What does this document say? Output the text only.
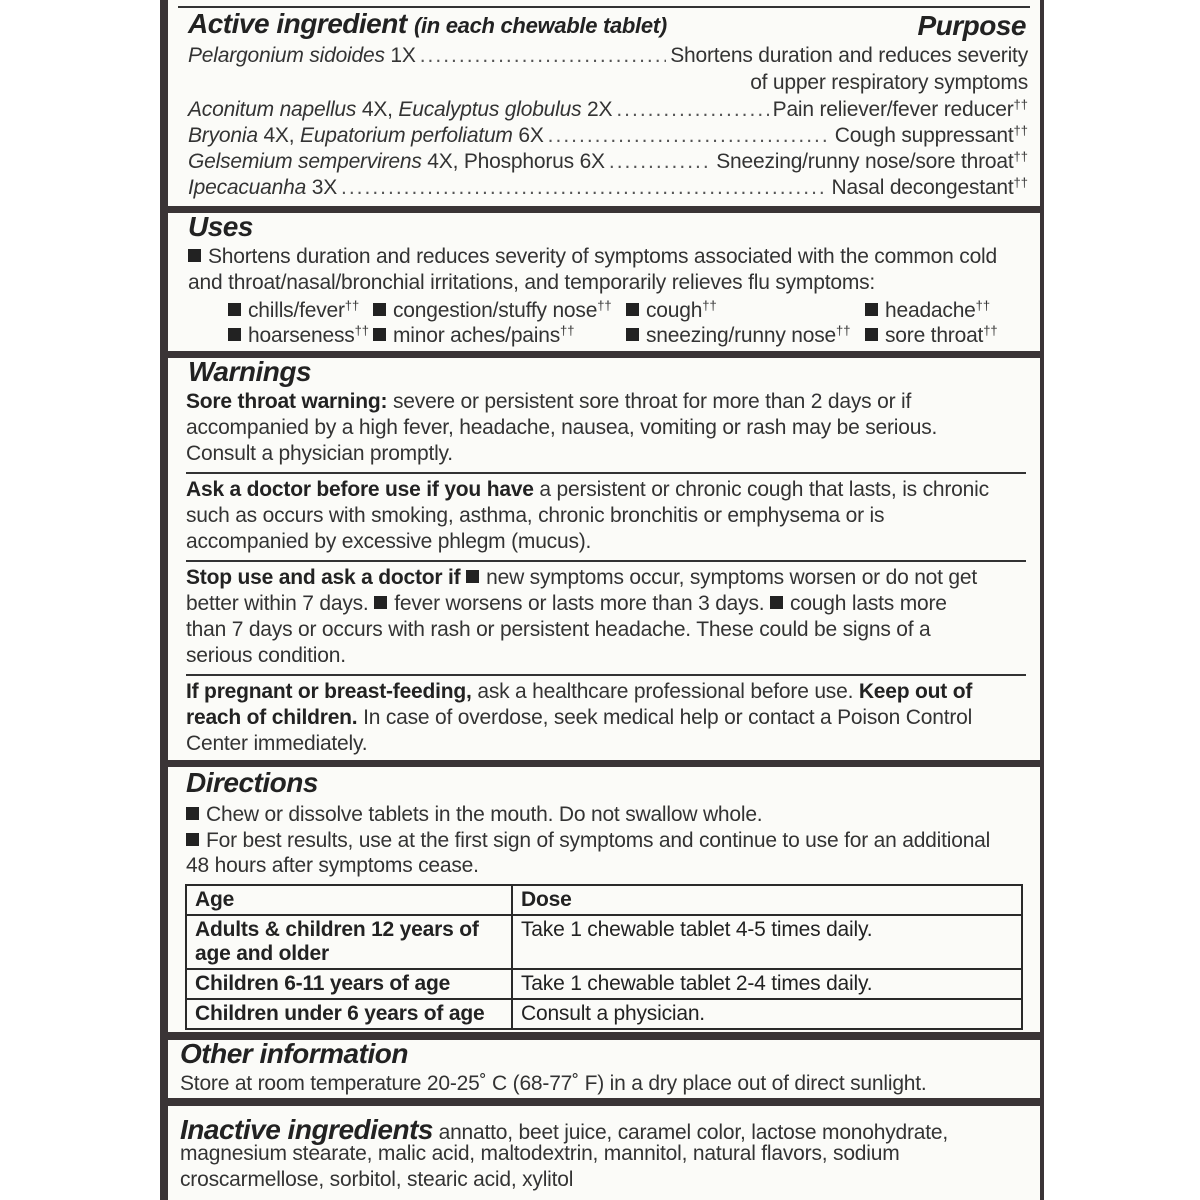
Active ingredient (in each chewable tablet)	Purpose
Pelargonium sidoides 1X .....	Shortens duration and reduces severity
of upper respiratory symptoms
Aconitum napellus 4X, Eucalyptus globulus 2X .....	Pain reliever/fever reducer††
Bryonia 4X, Eupatorium perfoliatum 6X .....	Cough suppressant††
Gelsemium sempervirens 4X, Phosphorus 6X .....	Sneezing/runny nose/sore throat††
Ipecacuanha 3X .....	Nasal decongestant††
Uses
Shortens duration and reduces severity of symptoms associated with the common cold
and throat/nasal/bronchial irritations, and temporarily relieves flu symptoms:
chills/fever††	congestion/stuffy nose††	cough††	headache††
hoarseness††	minor aches/pains††	sneezing/runny nose††	sore throat††
Warnings
Sore throat warning: severe or persistent sore throat for more than 2 days or if
accompanied by a high fever, headache, nausea, vomiting or rash may be serious.
Consult a physician promptly.
Ask a doctor before use if you have a persistent or chronic cough that lasts, is chronic
such as occurs with smoking, asthma, chronic bronchitis or emphysema or is
accompanied by excessive phlegm (mucus).
Stop use and ask a doctor if new symptoms occur, symptoms worsen or do not get
better within 7 days. fever worsens or lasts more than 3 days. cough lasts more
than 7 days or occurs with rash or persistent headache. These could be signs of a
serious condition.
If pregnant or breast-feeding, ask a healthcare professional before use. Keep out of
reach of children. In case of overdose, seek medical help or contact a Poison Control
Center immediately.
Directions
Chew or dissolve tablets in the mouth. Do not swallow whole.
For best results, use at the first sign of symptoms and continue to use for an additional
48 hours after symptoms cease.
Age	Dose
Adults & children 12 years of age and older	Take 1 chewable tablet 4-5 times daily.
Children 6-11 years of age	Take 1 chewable tablet 2-4 times daily.
Children under 6 years of age	Consult a physician.
Other information
Store at room temperature 20-25˚ C (68-77˚ F) in a dry place out of direct sunlight.
Inactive ingredients annatto, beet juice, caramel color, lactose monohydrate,
magnesium stearate, malic acid, maltodextrin, mannitol, natural flavors, sodium
croscarmellose, sorbitol, stearic acid, xylitol
